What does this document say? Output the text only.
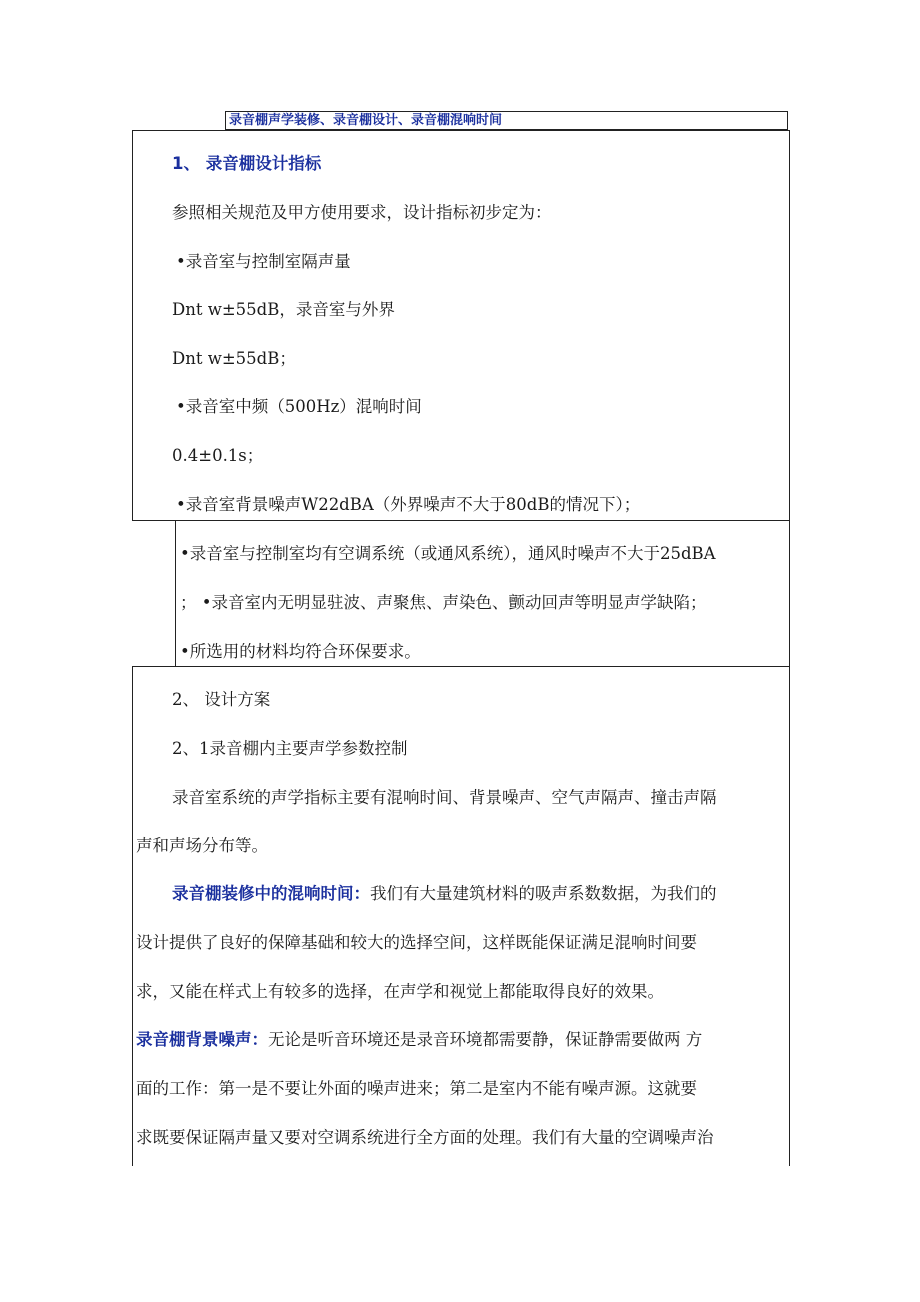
录音棚声学装修、录音棚设计、录音棚混响时间
1、 录音棚设计指标
参照相关规范及甲方使用要求，设计指标初步定为：
•录音室与控制室隔声量
Dnt w±55dB，录音室与外界
Dnt w±55dB；
•录音室中频（500Hz）混响时间
0.4±0.1s；
•录音室背景噪声W22dBA（外界噪声不大于80dB的情况下）；
•录音室与控制室均有空调系统（或通风系统），通风时噪声不大于25dBA
； •录音室内无明显驻波、声聚焦、声染色、颤动回声等明显声学缺陷；
•所选用的材料均符合环保要求。
2、 设计方案
2、1录音棚内主要声学参数控制
录音室系统的声学指标主要有混响时间、背景噪声、空气声隔声、撞击声隔
声和声场分布等。
录音棚装修中的混响时间：我们有大量建筑材料的吸声系数数据，为我们的
设计提供了良好的保障基础和较大的选择空间，这样既能保证满足混响时间要
求，又能在样式上有较多的选择，在声学和视觉上都能取得良好的效果。
录音棚背景噪声：无论是听音环境还是录音环境都需要静，保证静需要做两 方
面的工作：第一是不要让外面的噪声进来；第二是室内不能有噪声源。这就要
求既要保证隔声量又要对空调系统进行全方面的处理。我们有大量的空调噪声治
